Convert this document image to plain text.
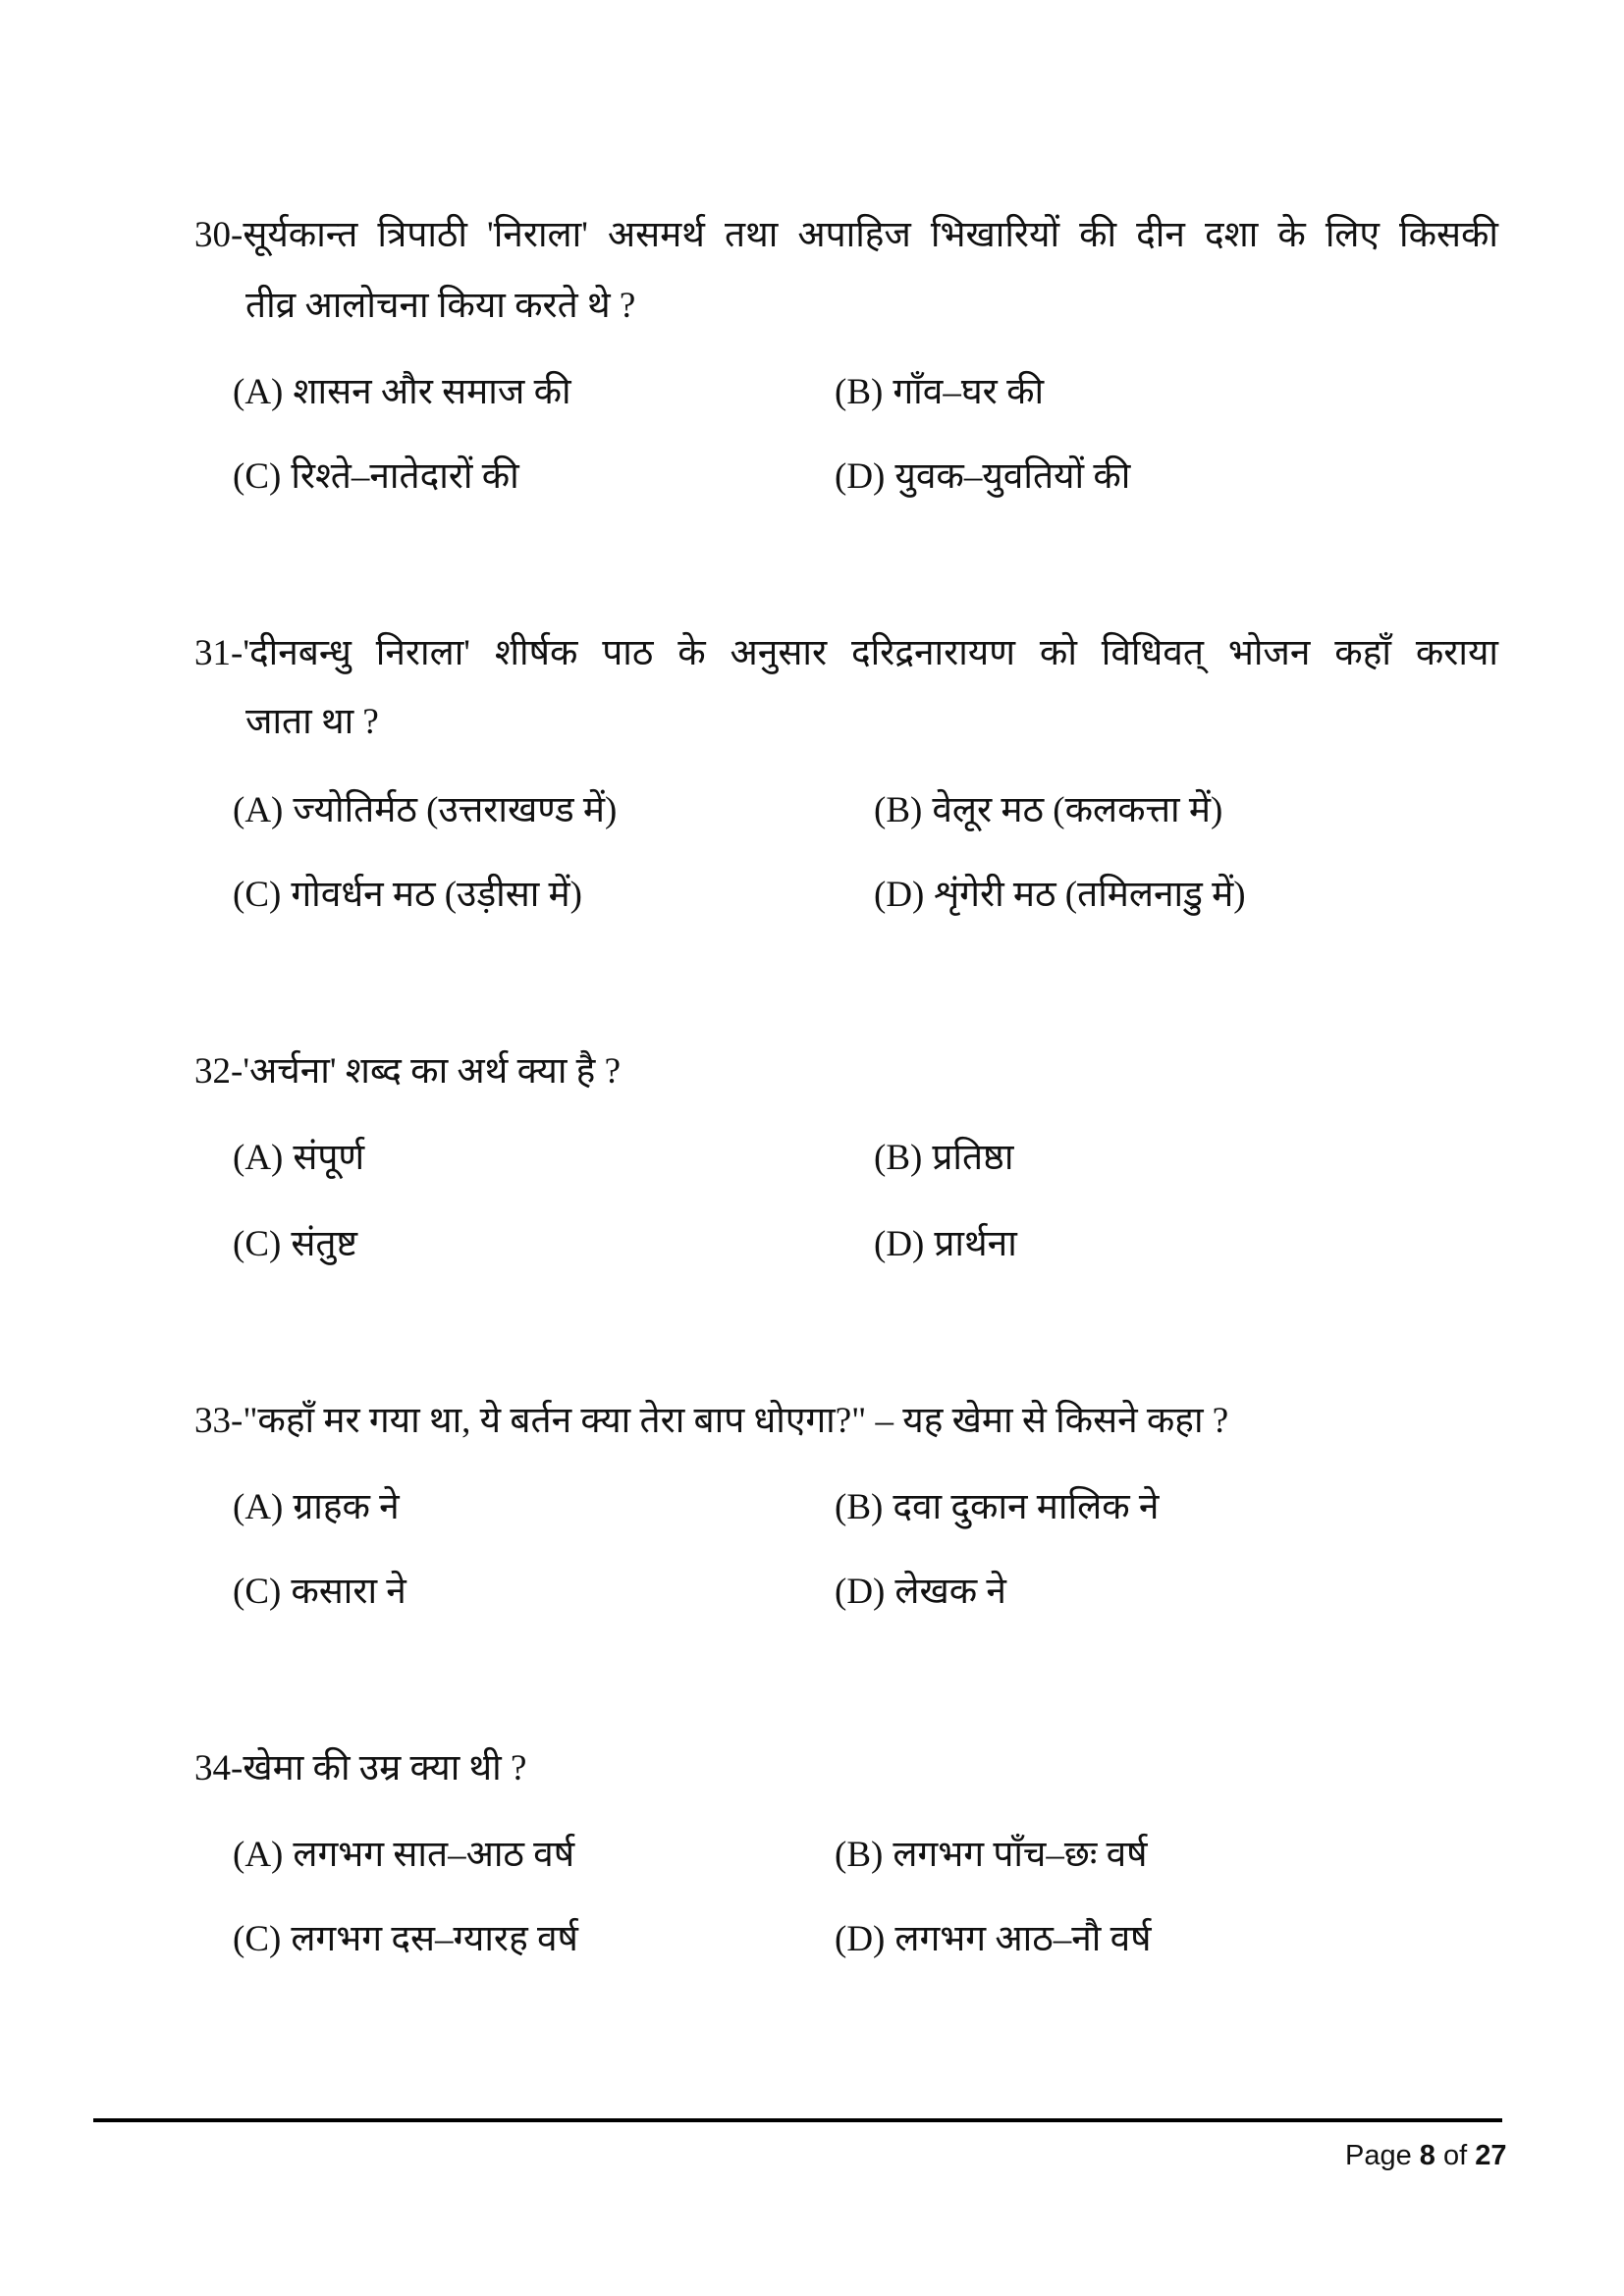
30- सूर्यकान्त त्रिपाठी 'निराला' असमर्थ तथा अपाहिज भिखारियों की दीन दशा के लिए किसकी
तीव्र आलोचना किया करते थे ?
(A) शासन और समाज की	(B) गाँव–घर की
(C) रिश्ते–नातेदारों की	(D) युवक–युवतियों की
31- 'दीनबन्धु निराला' शीर्षक पाठ के अनुसार दरिद्रनारायण को विधिवत् भोजन कहाँ कराया
जाता था ?
(A) ज्योतिर्मठ (उत्तराखण्ड में)	(B) वेलूर मठ (कलकत्ता में)
(C) गोवर्धन मठ (उड़ीसा में)	(D) शृंगेरी मठ (तमिलनाडु में)
32-'अर्चना' शब्द का अर्थ क्या है ?
(A) संपूर्ण	(B) प्रतिष्ठा
(C) संतुष्ट	(D) प्रार्थना
33-"कहाँ मर गया था, ये बर्तन क्या तेरा बाप धोएगा?" – यह खेमा से किसने कहा ?
(A) ग्राहक ने	(B) दवा दुकान मालिक ने
(C) कसारा ने	(D) लेखक ने
34-खेमा की उम्र क्या थी ?
(A) लगभग सात–आठ वर्ष	(B) लगभग पाँच–छः वर्ष
(C) लगभग दस–ग्यारह वर्ष	(D) लगभग आठ–नौ वर्ष
Page 8 of 27
